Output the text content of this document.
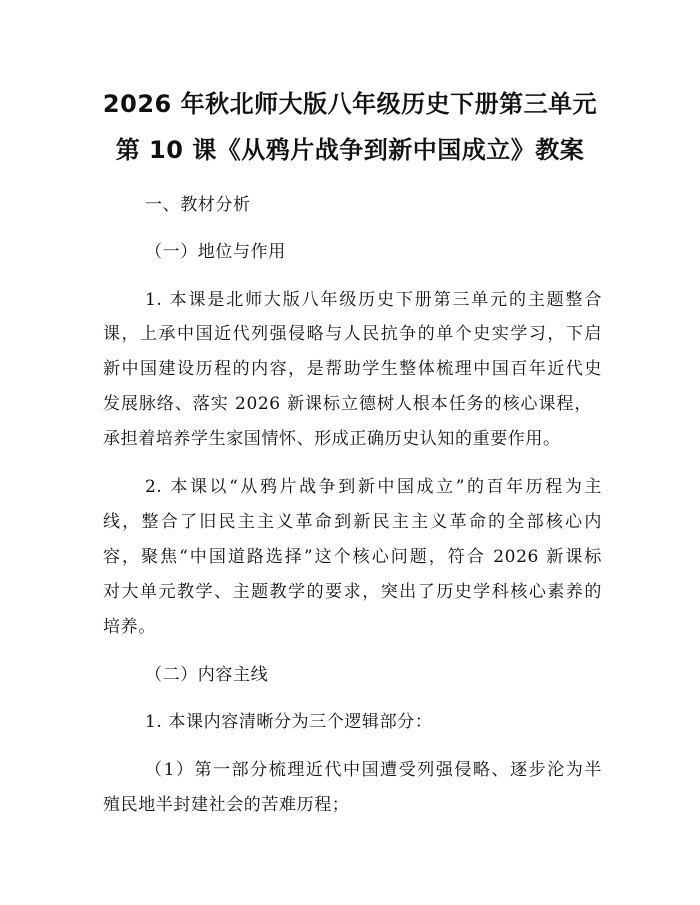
2026 年秋北师大版八年级历史下册第三单元
第 10 课《从鸦片战争到新中国成立》教案
一、教材分析
（一）地位与作用
1. 本课是北师大版八年级历史下册第三单元的主题整合
课，上承中国近代列强侵略与人民抗争的单个史实学习，下启
新中国建设历程的内容，是帮助学生整体梳理中国百年近代史
发展脉络、落实 2026 新课标立德树人根本任务的核心课程，
承担着培养学生家国情怀、形成正确历史认知的重要作用。
2. 本课以“从鸦片战争到新中国成立”的百年历程为主
线，整合了旧民主主义革命到新民主主义革命的全部核心内
容，聚焦“中国道路选择”这个核心问题，符合 2026 新课标
对大单元教学、主题教学的要求，突出了历史学科核心素养的
培养。
（二）内容主线
1. 本课内容清晰分为三个逻辑部分：
（1）第一部分梳理近代中国遭受列强侵略、逐步沦为半
殖民地半封建社会的苦难历程；
